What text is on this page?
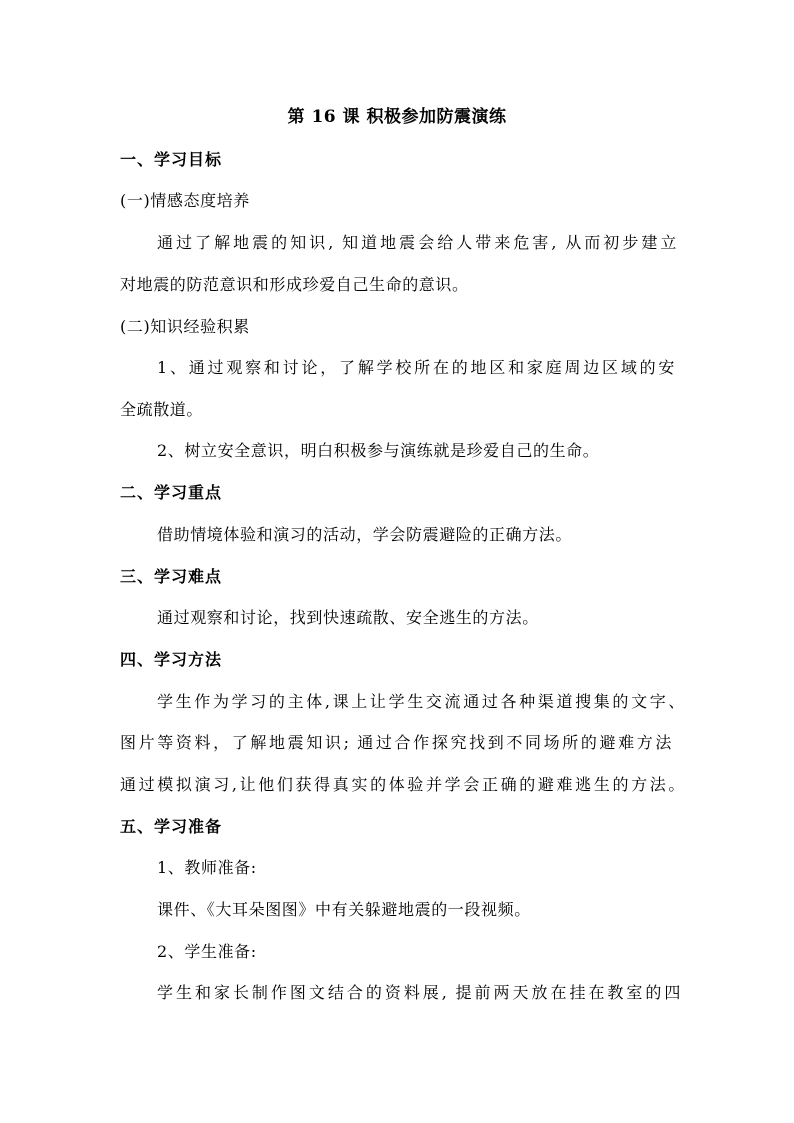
第 16 课 积极参加防震演练
一、学习目标
(一)情感态度培养
通过了解地震的知识, 知道地震会给人带来危害, 从而初步建立
对地震的防范意识和形成珍爱自己生命的意识。
(二)知识经验积累
1、通过观察和讨论，了解学校所在的地区和家庭周边区域的安
全疏散道。
2、树立安全意识，明白积极参与演练就是珍爱自己的生命。
二、学习重点
借助情境体验和演习的活动，学会防震避险的正确方法。
三、学习难点
通过观察和讨论，找到快速疏散、安全逃生的方法。
四、学习方法
学生作为学习的主体,课上让学生交流通过各种渠道搜集的文字、
图片等资料，了解地震知识; 通过合作探究找到不同场所的避难方法
通过模拟演习,让他们获得真实的体验并学会正确的避难逃生的方法。
五、学习准备
1、教师准备:
课件、《大耳朵图图》中有关躲避地震的一段视频。
2、学生准备:
学生和家长制作图文结合的资料展, 提前两天放在挂在教室的四
